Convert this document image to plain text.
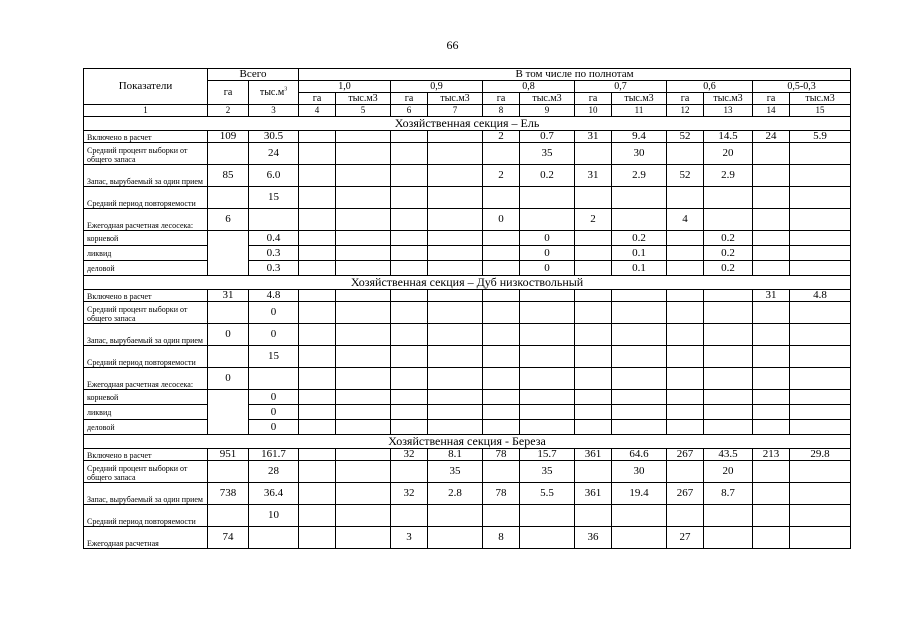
66
Показатели	Всего		В том числе по полнотам											
	га	$тыс.м^3$	1,0		0,9		0,8		0,7		0,6		0,5-0,3	
			га	тыс.м3	га	тыс.м3	га	тыс.м3	га	тыс.м3	га	тыс.м3	га	тыс.м3
1	2	3	4	5	6	7	8	9	10	11	12	13	14	15
Хозяйственная секция – Ель														
Включено в расчет	109	30.5					2	0.7	31	9.4	52	14.5	24	5.9
Средний процент выборки от общего запаса		24						35		30		20		
Запас, вырубаемый за один прием	85	6.0					2	0.2	31	2.9	52	2.9		
Средний период повторяемости		15												
Ежегодная расчетная лесосека:	6						0		2		4			
корневой		0.4						0		0.2		0.2		
ликвид		0.3						0		0.1		0.2		
деловой		0.3						0		0.1		0.2		
Хозяйственная секция – Дуб низкоствольный														
Включено в расчет	31	4.8											31	4.8
Средний процент выборки от общего запаса		0												
Запас, вырубаемый за один прием	0	0												
Средний период повторяемости		15												
Ежегодная расчетная лесосека:	0													
корневой		0												
ликвид		0												
деловой		0												
Хозяйственная секция - Береза														
Включено в расчет	951	161.7			32	8.1	78	15.7	361	64.6	267	43.5	213	29.8
Средний процент выборки от общего запаса		28				35		35		30		20		
Запас, вырубаемый за один прием	738	36.4			32	2.8	78	5.5	361	19.4	267	8.7		
Средний период повторяемости		10												
Ежегодная расчетная	74				3		8		36		27			
